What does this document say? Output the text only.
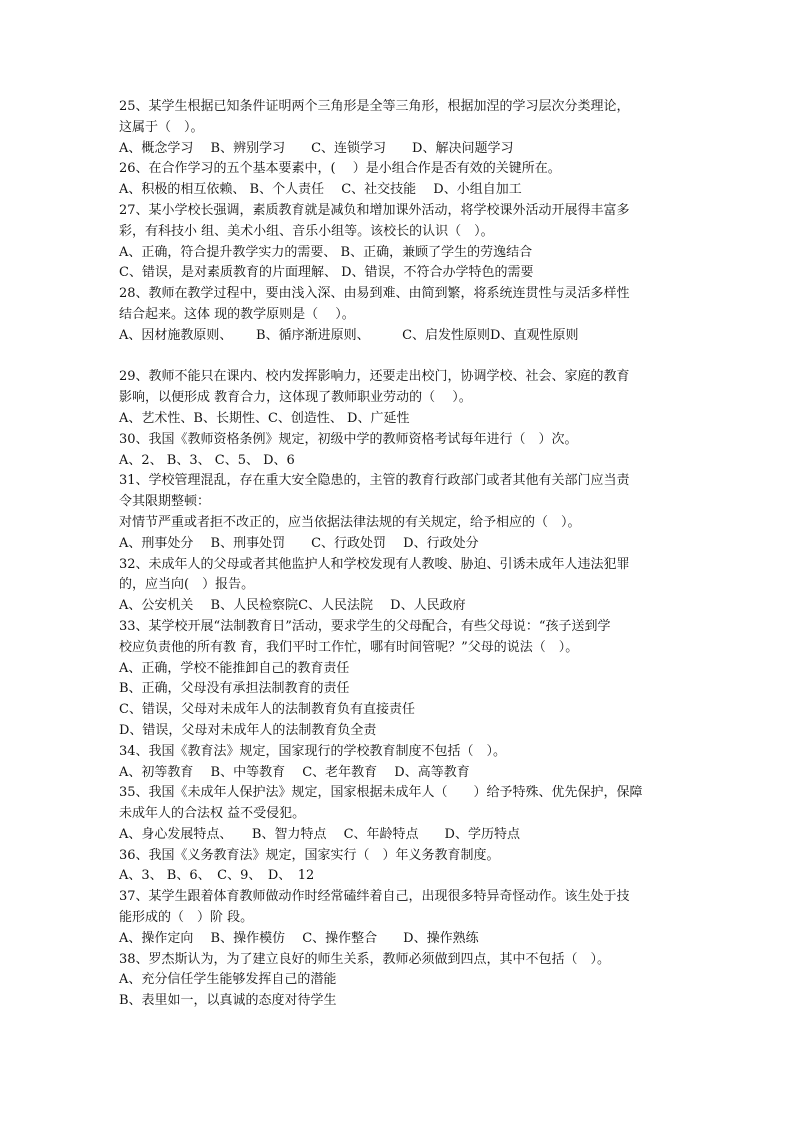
25、某学生根据已知条件证明两个三角形是全等三角形，根据加涅的学习层次分类理论，

这属于（　）。

A、概念学习　 B、辨别学习　　C、连锁学习　　D、解决问题学习

26、在合作学习的五个基本要素中，(　 ）是小组合作是否有效的关键所在。

A、积极的相互依赖、 B、个人责任　 C、社交技能　 D、小组自加工

27、某小学校长强调，素质教育就是减负和增加课外活动，将学校课外活动开展得丰富多

彩，有科技小 组、美术小组、音乐小组等。该校长的认识（　）。

A、正确，符合提升教学实力的需要、 B、正确，兼顾了学生的劳逸结合

C、错误，是对素质教育的片面理解、 D、错误，不符合办学特色的需要

28、教师在教学过程中，要由浅入深、由易到难、由简到繁，将系统连贯性与灵活多样性

结合起来。这体 现的教学原则是（　 ）。

A、因材施教原则、　　 B、循序渐进原则、　　　C、启发性原则D、直观性原则

29、教师不能只在课内、校内发挥影响力，还要走出校门，协调学校、社会、家庭的教育

影响，以便形成 教育合力，这体现了教师职业劳动的（　 ）。

A、艺术性、B、长期性、C、创造性、 D、广延性

30、我国《教师资格条例》规定，初级中学的教师资格考试每年进行（　）次。

A、2、 B、3、 C、5、 D、6

31、学校管理混乱，存在重大安全隐患的，主管的教育行政部门或者其他有关部门应当责

令其限期整顿：

对情节严重或者拒不改正的，应当依据法律法规的有关规定，给予相应的（　）。

A、刑事处分　 B、刑事处罚　　C、行政处罚　 D、行政处分

32、未成年人的父母或者其他监护人和学校发现有人教唆、胁迫、引诱未成年人违法犯罪

的，应当向(　）报告。

A、公安机关　 B、人民检察院C、人民法院　 D、人民政府

33、某学校开展“法制教育日”活动，要求学生的父母配合，有些父母说：“孩子送到学

校应负责他的所有教 育，我们平时工作忙，哪有时间管呢？”父母的说法（　）。

A、正确，学校不能推卸自己的教育责任

B、正确，父母没有承担法制教育的责任

C、错误，父母对未成年人的法制教育负有直接责任

D、错误，父母对未成年人的法制教育负全责

34、我国《教育法》规定，国家现行的学校教育制度不包括（　）。

A、初等教育　 B、中等教育　 C、老年教育　 D、高等教育

35、我国《未成年人保护法》规定，国家根据未成年人（　　）给予特殊、优先保护，保障

未成年人的合法权 益不受侵犯。

A、身心发展特点、　　B、智力特点　 C、年龄特点　　D、学历特点

36、我国《义务教育法》规定，国家实行（　）年义务教育制度。

A、3、 B、6、　C、9、　D、　12

37、某学生跟着体育教师做动作时经常磕绊着自己，出现很多特异奇怪动作。该生处于技

能形成的（　）阶 段。

A、操作定向　 B、操作模仿　 C、操作整合　　D、操作熟练

38、罗杰斯认为，为了建立良好的师生关系，教师必须做到四点，其中不包括（　）。

A、充分信任学生能够发挥自己的潜能

B、表里如一，以真诚的态度对待学生
